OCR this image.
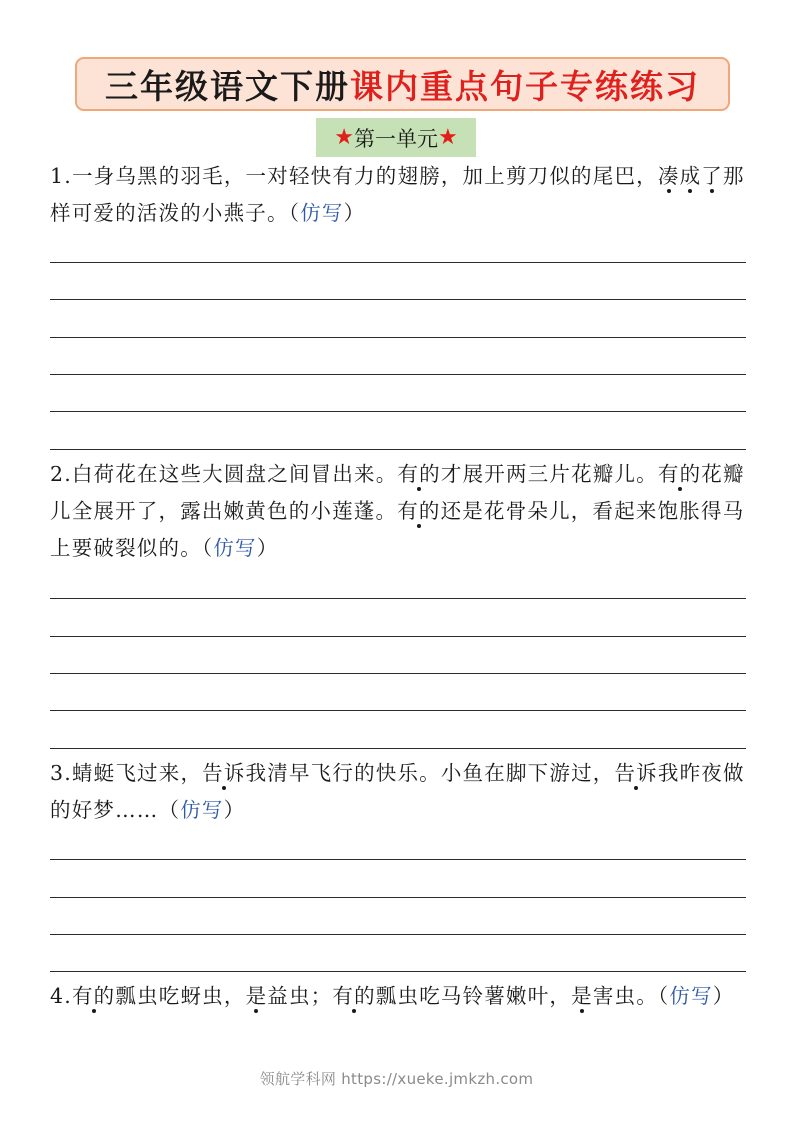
三年级语文下册 课内重点句子专练练习
★ 第一单元 ★
1.一身乌黑的羽毛，一对轻快有力的翅膀，加上剪刀似的尾巴，凑成了那样可爱的活泼的小燕子。（仿写）
2.白荷花在这些大圆盘之间冒出来。有的才展开两三片花瓣儿。有的花瓣儿全展开了，露出嫩黄色的小莲蓬。有的还是花骨朵儿，看起来饱胀得马上要破裂似的。（仿写）
3.蜻蜓飞过来，告诉我清早飞行的快乐。小鱼在脚下游过，告诉我昨夜做的好梦……（仿写）
4.有的瓢虫吃蚜虫，是益虫；有的瓢虫吃马铃薯嫩叶，是害虫。（仿写）
领航学科网 https://xueke.jmkzh.com
